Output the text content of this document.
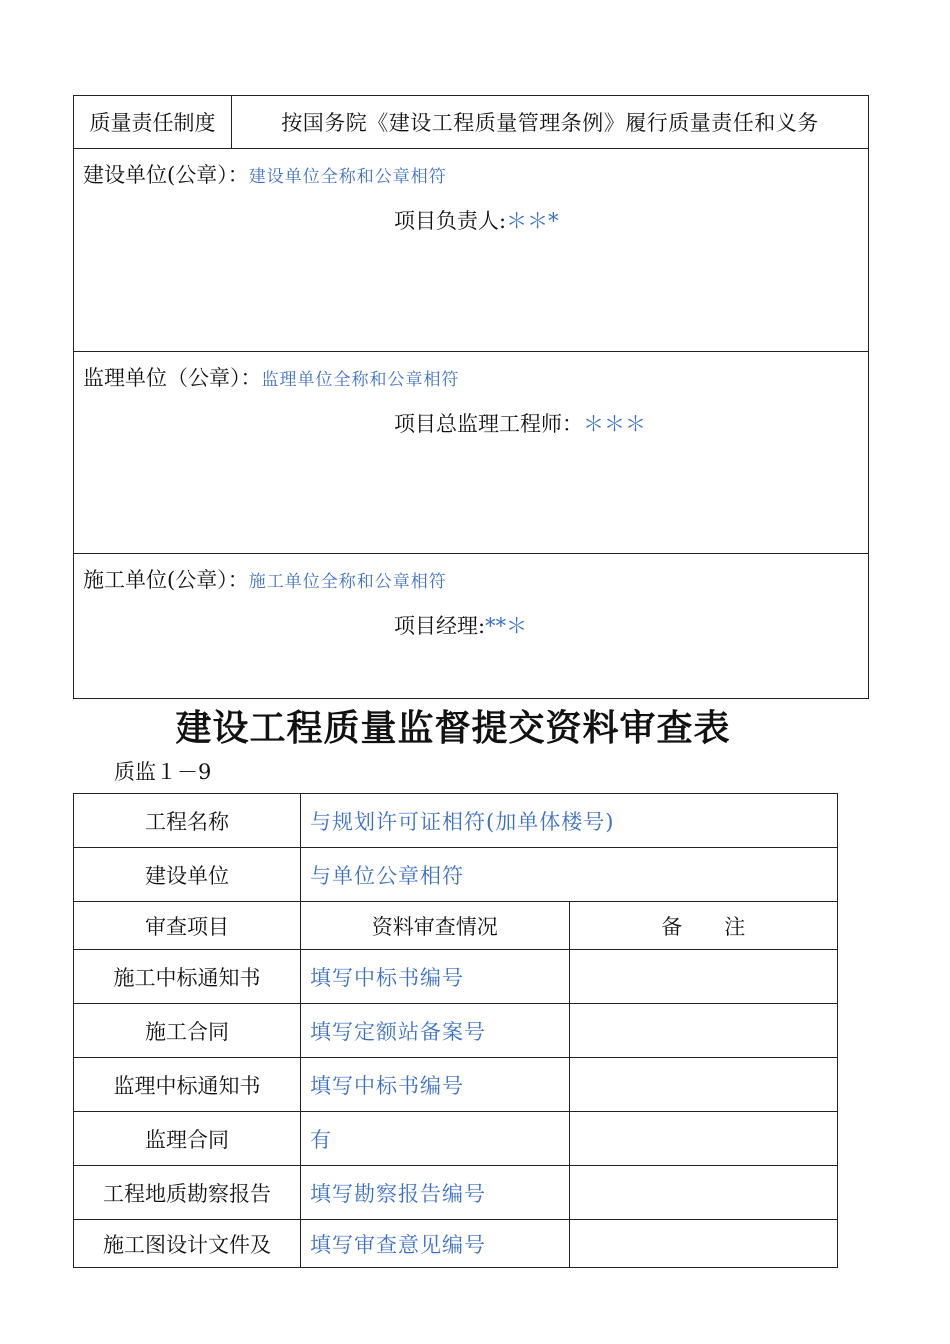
质量责任制度	按国务院《建设工程质量管理条例》履行质量责任和义务
建设单位(公章）：建设单位全称和公章相符
项目负责人:＊＊*
监理单位（公章）：监理单位全称和公章相符
项目总监理工程师：＊＊＊
施工单位(公章）：施工单位全称和公章相符
项目经理:**＊
建设工程质量监督提交资料审查表
质监１－9
工程名称	与规划许可证相符(加单体楼号)	
建设单位	与单位公章相符	
审查项目	资料审查情况	备　　注
施工中标通知书	填写中标书编号	
施工合同	填写定额站备案号	
监理中标通知书	填写中标书编号	
监理合同	有	
工程地质勘察报告	填写勘察报告编号	
施工图设计文件及	填写审查意见编号	
